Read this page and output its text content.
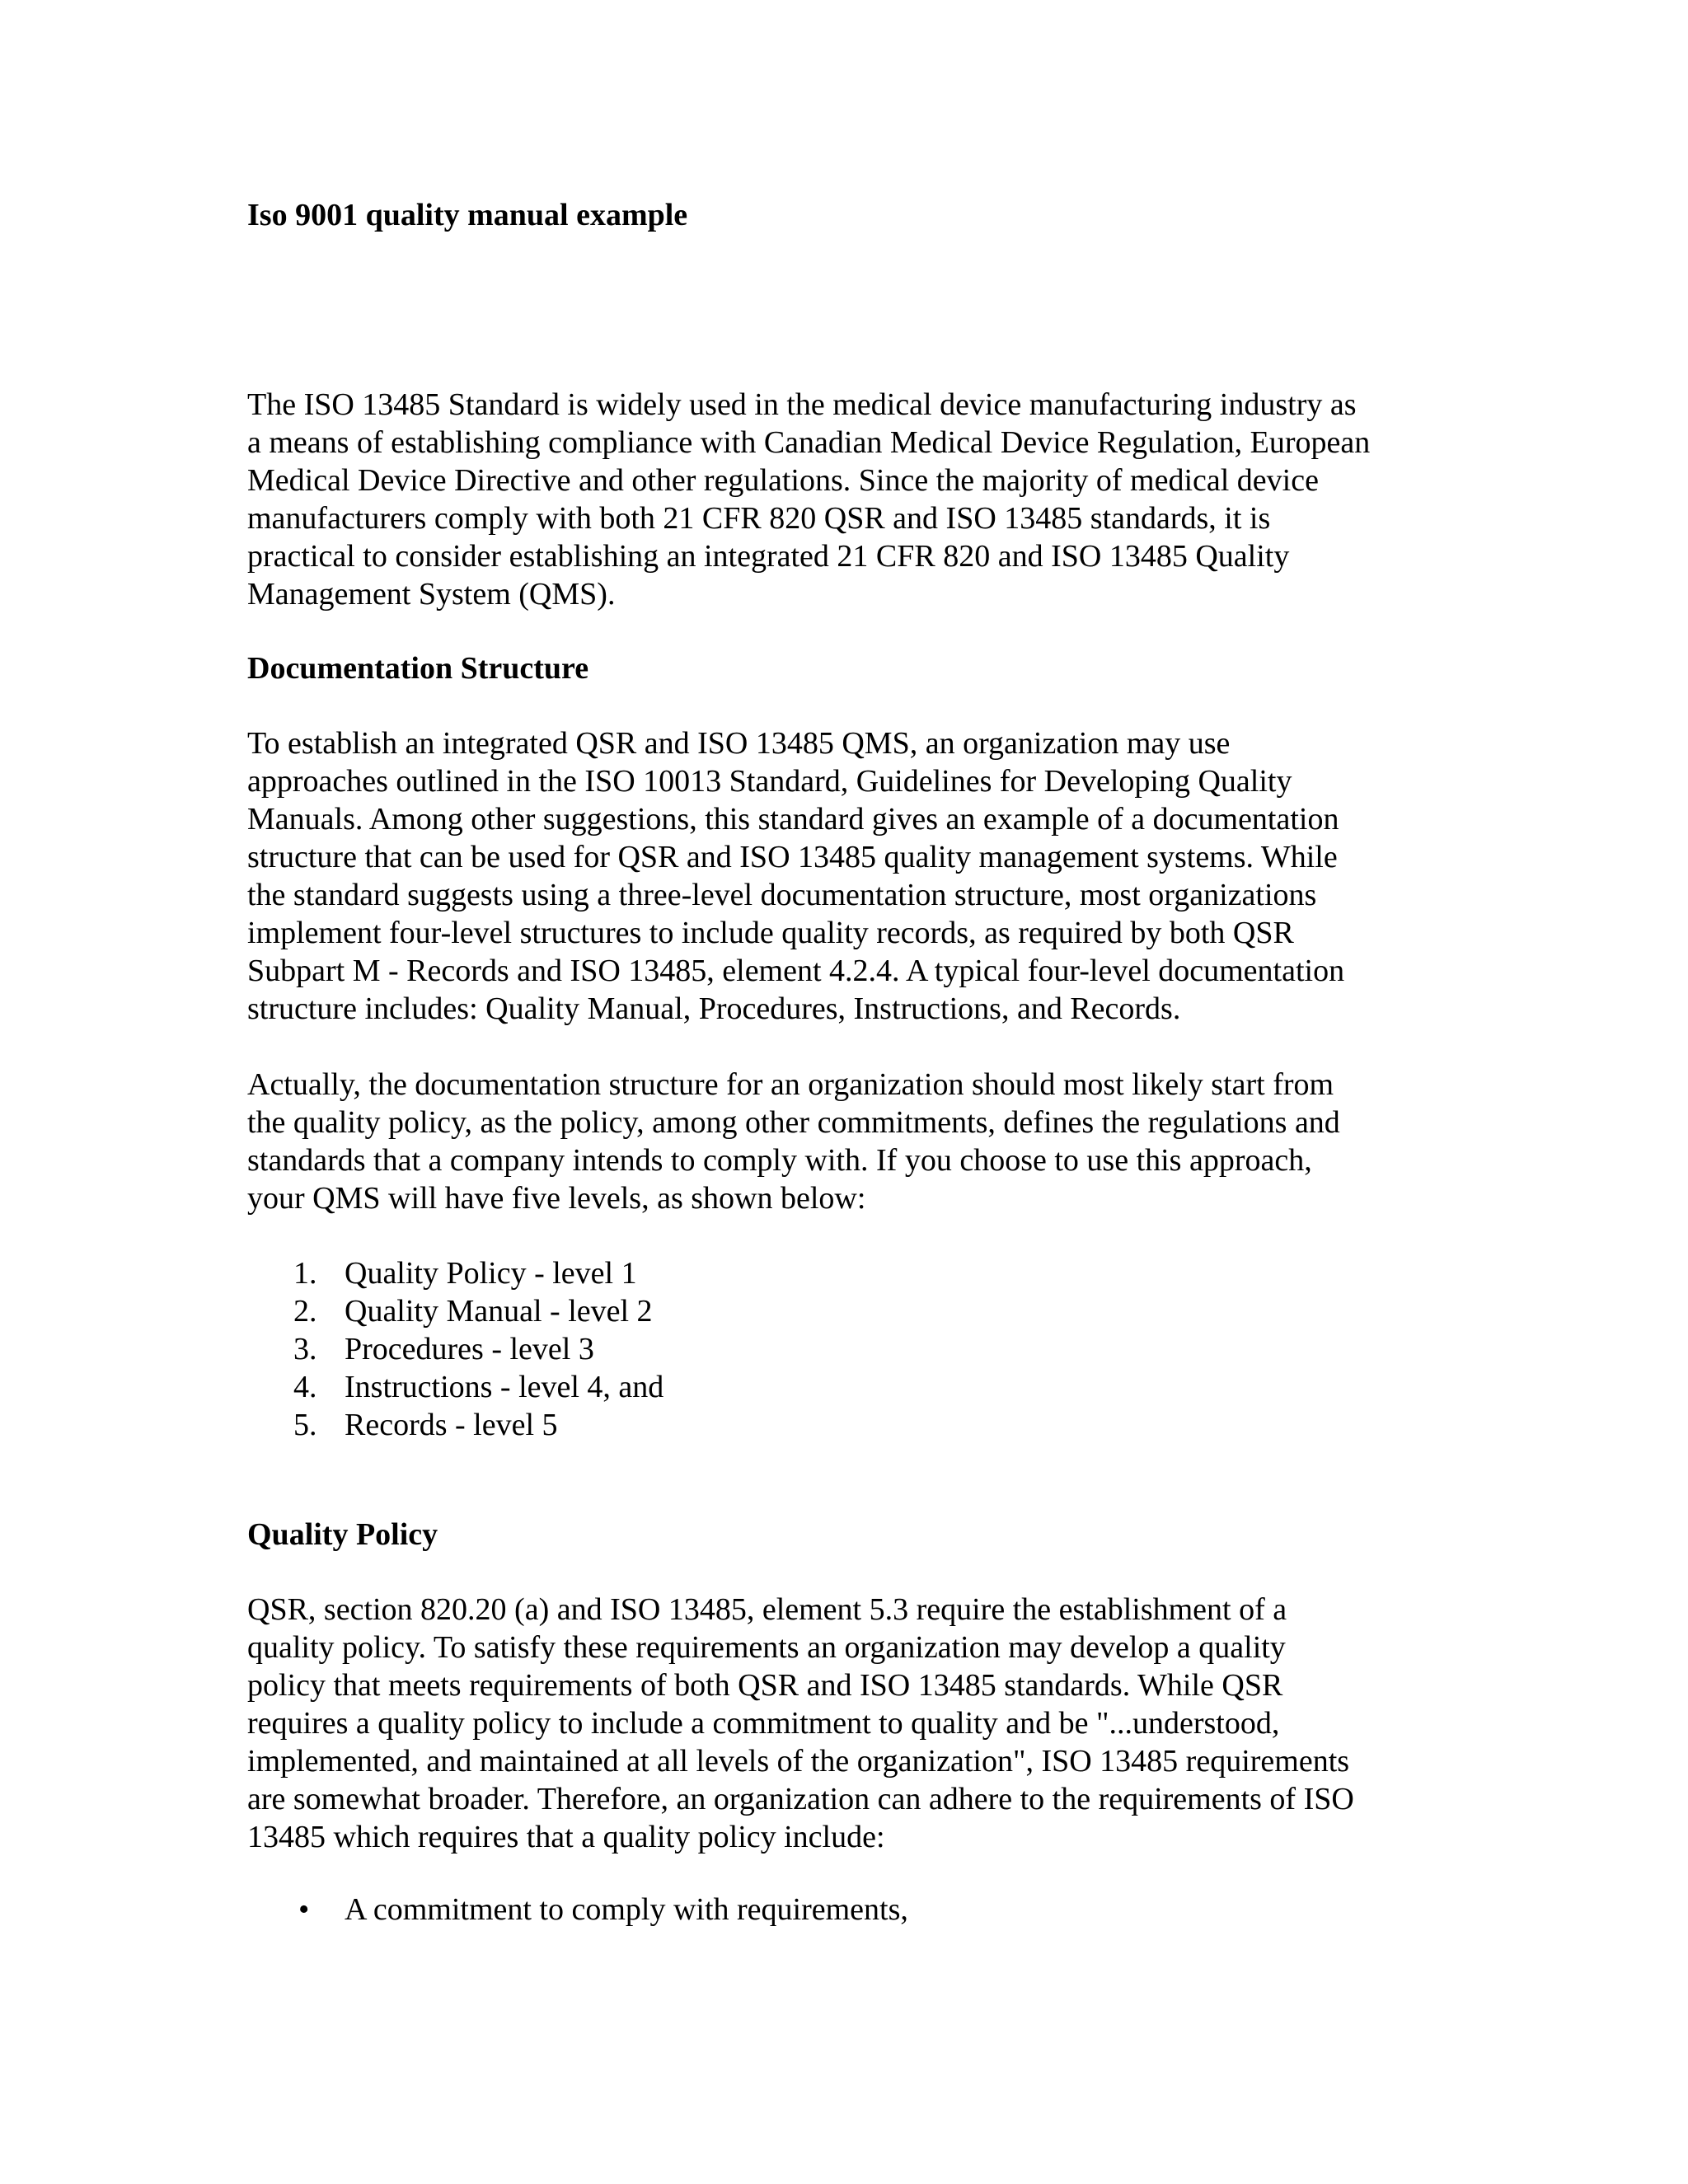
Iso 9001 quality manual example

The ISO 13485 Standard is widely used in the medical device manufacturing industry as

a means of establishing compliance with Canadian Medical Device Regulation, European

Medical Device Directive and other regulations. Since the majority of medical device

manufacturers comply with both 21 CFR 820 QSR and ISO 13485 standards, it is

practical to consider establishing an integrated 21 CFR 820 and ISO 13485 Quality

Management System (QMS).

Documentation Structure

To establish an integrated QSR and ISO 13485 QMS, an organization may use

approaches outlined in the ISO 10013 Standard, Guidelines for Developing Quality

Manuals. Among other suggestions, this standard gives an example of a documentation

structure that can be used for QSR and ISO 13485 quality management systems. While

the standard suggests using a three-level documentation structure, most organizations

implement four-level structures to include quality records, as required by both QSR

Subpart M - Records and ISO 13485, element 4.2.4. A typical four-level documentation

structure includes: Quality Manual, Procedures, Instructions, and Records.

Actually, the documentation structure for an organization should most likely start from

the quality policy, as the policy, among other commitments, defines the regulations and

standards that a company intends to comply with. If you choose to use this approach,

your QMS will have five levels, as shown below:

1. Quality Policy - level 1
2. Quality Manual - level 2
3. Procedures - level 3
4. Instructions - level 4, and
5. Records - level 5
Quality Policy

QSR, section 820.20 (a) and ISO 13485, element 5.3 require the establishment of a

quality policy. To satisfy these requirements an organization may develop a quality

policy that meets requirements of both QSR and ISO 13485 standards. While QSR

requires a quality policy to include a commitment to quality and be "...understood,

implemented, and maintained at all levels of the organization", ISO 13485 requirements

are somewhat broader. Therefore, an organization can adhere to the requirements of ISO

13485 which requires that a quality policy include:

• A commitment to comply with requirements,
